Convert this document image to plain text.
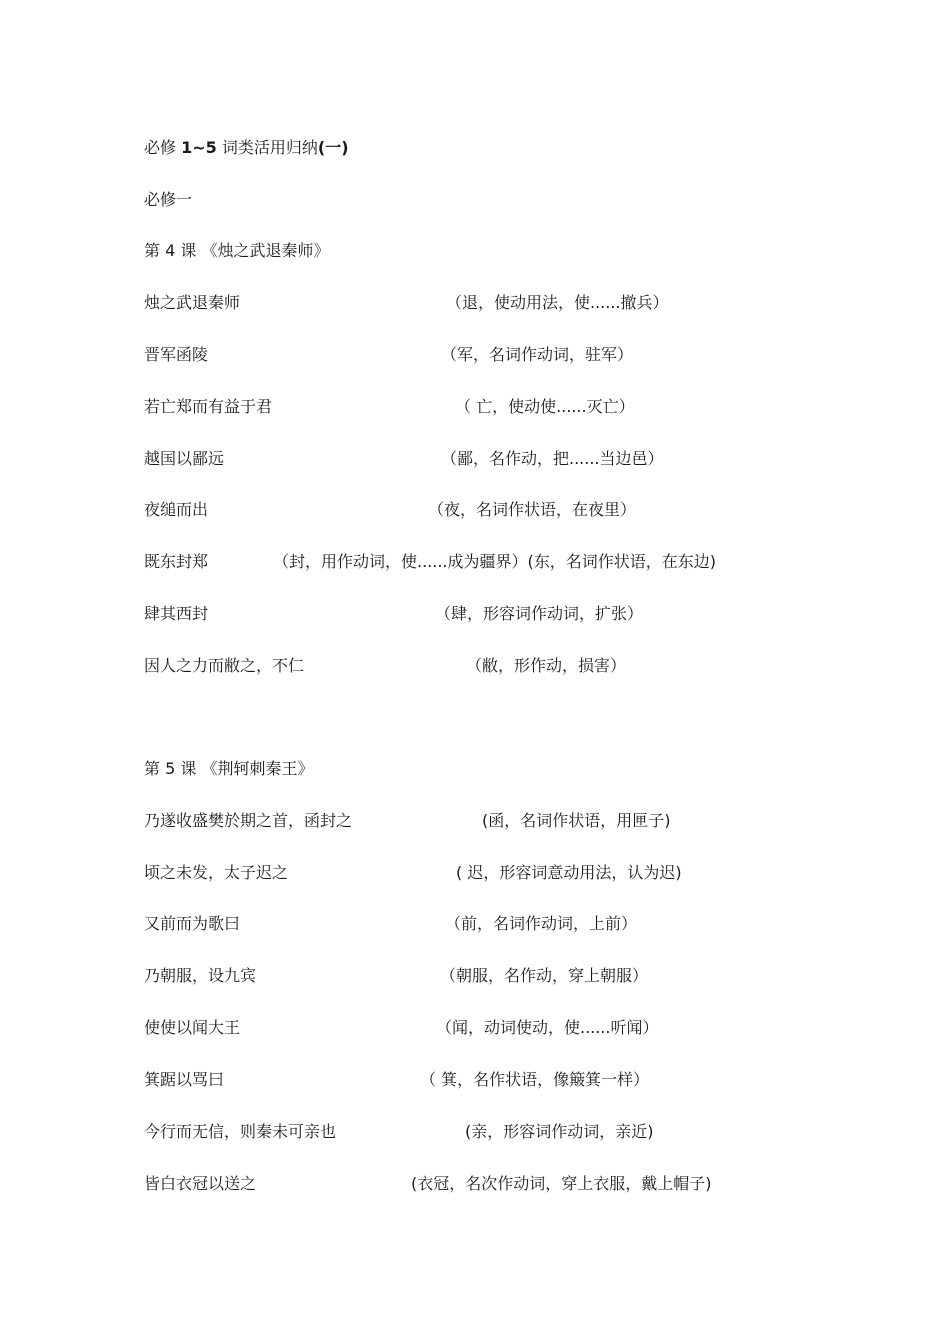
必修 1~5 词类活用归纳(一)
必修一
第 4 课 《烛之武退秦师》
烛之武退秦师	（退，使动用法，使......撤兵）
晋军函陵	（军，名词作动词，驻军）
若亡郑而有益于君	（ 亡，使动使......灭亡）
越国以鄙远	（鄙，名作动，把......当边邑）
夜缒而出	（夜，名词作状语，在夜里）
既东封郑	（封，用作动词，使......成为疆界）(东，名词作状语，在东边)
肆其西封	（肆，形容词作动词，扩张）
因人之力而敝之，不仁	（敝，形作动，损害）
第 5 课 《荆轲刺秦王》
乃遂收盛樊於期之首，函封之	(函，名词作状语，用匣子)
顷之未发，太子迟之	( 迟，形容词意动用法，认为迟)
又前而为歌曰	（前，名词作动词，上前）
乃朝服，设九宾	（朝服，名作动，穿上朝服）
使使以闻大王	（闻，动词使动，使......听闻）
箕踞以骂曰	（ 箕，名作状语，像簸箕一样）
今行而无信，则秦未可亲也	(亲，形容词作动词，亲近)
皆白衣冠以送之	(衣冠，名次作动词，穿上衣服，戴上帽子)
